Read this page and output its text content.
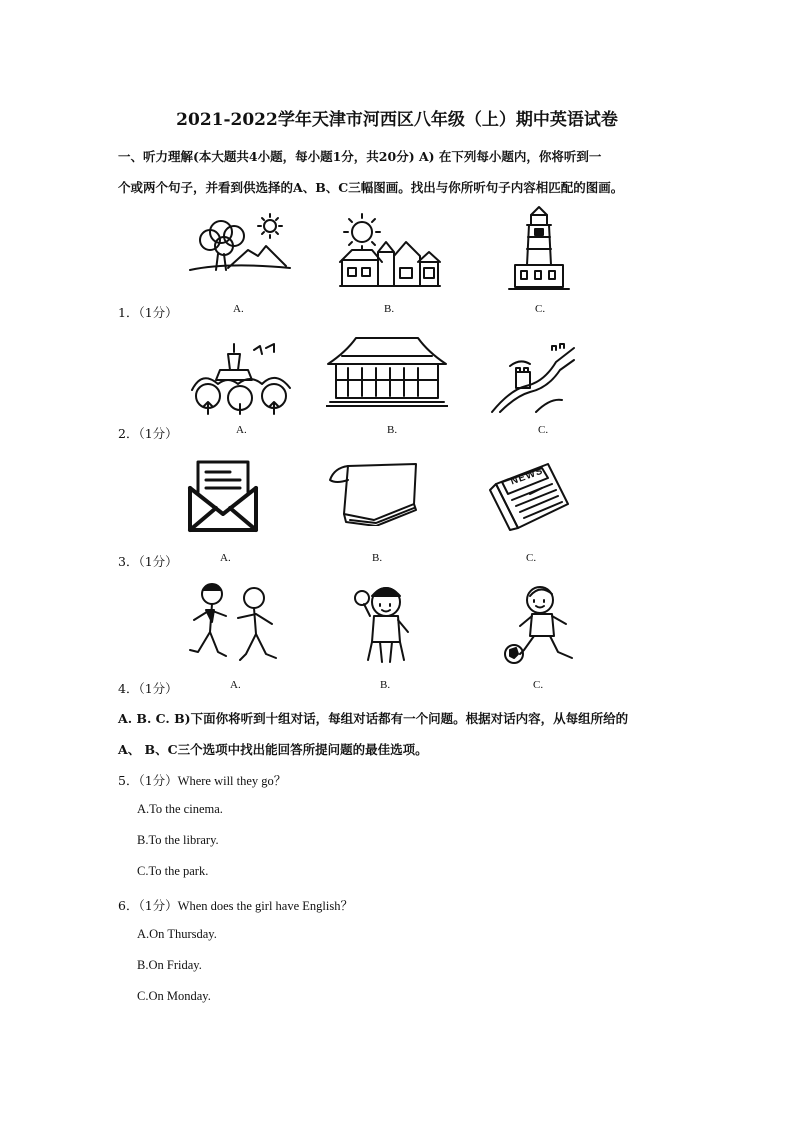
2021-2022学年天津市河西区八年级（上）期中英语试卷
一、听力理解(本大题共4小题，每小题1分，共20分) A) 在下列每小题内，你将听到一
个或两个句子，并看到供选择的A、B、C三幅图画。找出与你所听句子内容相匹配的图画。
1．（1分）	A.	B.	C.
2．（1分）	A.	B.	C.
NEWS
3．（1分）	A.	B.	C.
4．（1分）	A.	B.	C.
A. B. C. B)下面你将听到十组对话，每组对话都有一个问题。根据对话内容，从每组所给的
A、 B、C三个选项中找出能回答所提问题的最佳选项。
5．（1分）Where will they go？
A.To the cinema.
B.To the library.
C.To the park.
6．（1分）When does the girl have English？
A.On Thursday.
B.On Friday.
C.On Monday.
